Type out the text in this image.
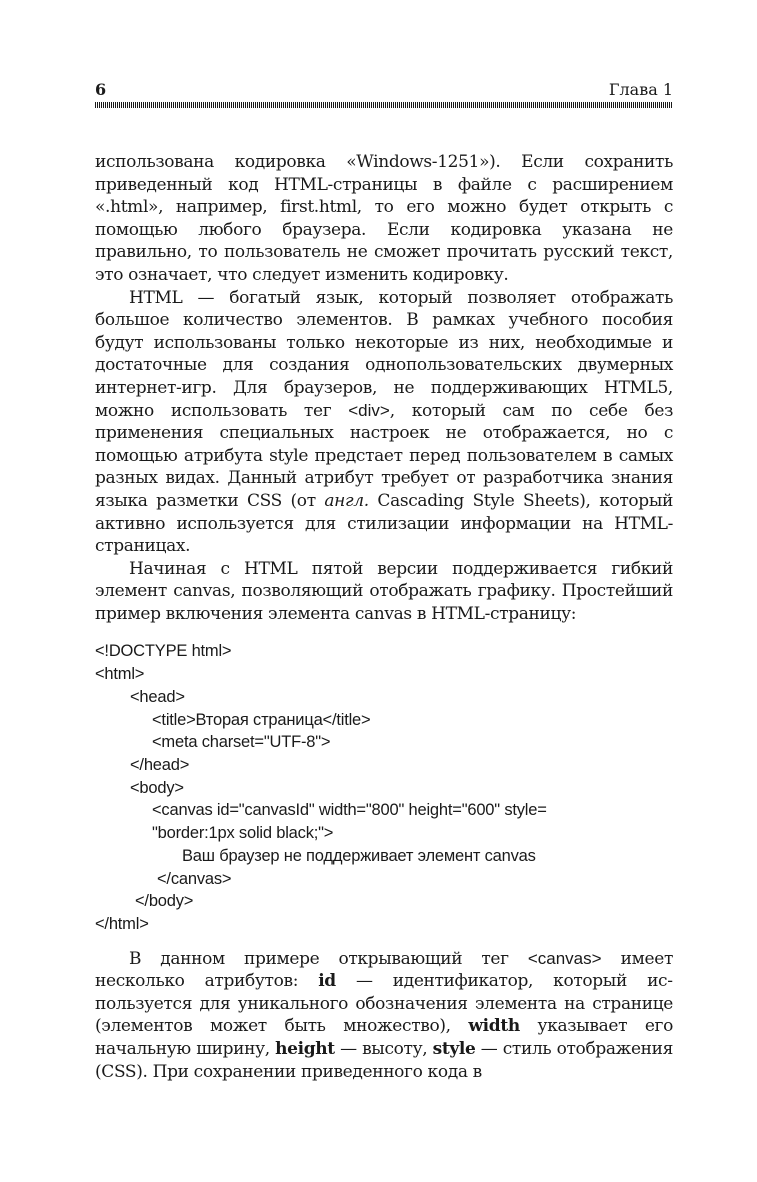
6	Глава 1

использована кодировка «Windows-1251»). Если сохранить приведенный код HTML-страницы в файле с расширением «.html», например, first.html, то его можно будет открыть с помощью любого браузера. Если кодировка указана не правильно, то пользователь не сможет прочитать русский текст, это означает, что следует изменить кодировку.

HTML — богатый язык, который позволяет отображать большое количество элементов. В рамках учебного пособия будут использованы только некоторые из них, необходимые и достаточные для создания однопользовательских двумерных интернет-игр. Для браузеров, не поддерживающих HTML5, можно использовать тег <div>, который сам по себе без применения специальных настроек не отображается, но с помощью атрибута style предстает перед пользователем в самых разных видах. Данный атрибут требует от разработчика знания языка разметки CSS (от англ. Cascading Style Sheets), который активно используется для стилизации информации на HTML-страницах.

Начиная с HTML пятой версии поддерживается гибкий элемент canvas, позволяющий отображать графику. Простейший пример включения элемента canvas в HTML-страницу:

<!DOCTYPE html>
<html>
<head>
<title>Вторая страница</title>
<meta charset="UTF-8">
</head>
<body>
<canvas id="canvasId" width="800" height="600" style=
"border:1px solid black;">
Ваш браузер не поддерживает элемент canvas
</canvas>
</body>
</html>

В данном примере открывающий тег <canvas> имеет несколько атрибутов: id — идентификатор, который используется для уникального обозначения элемента на странице (элементов может быть множество), width указывает его начальную ширину, height — высоту, style — стиль отображения (CSS). При сохранении приведенного кода в
